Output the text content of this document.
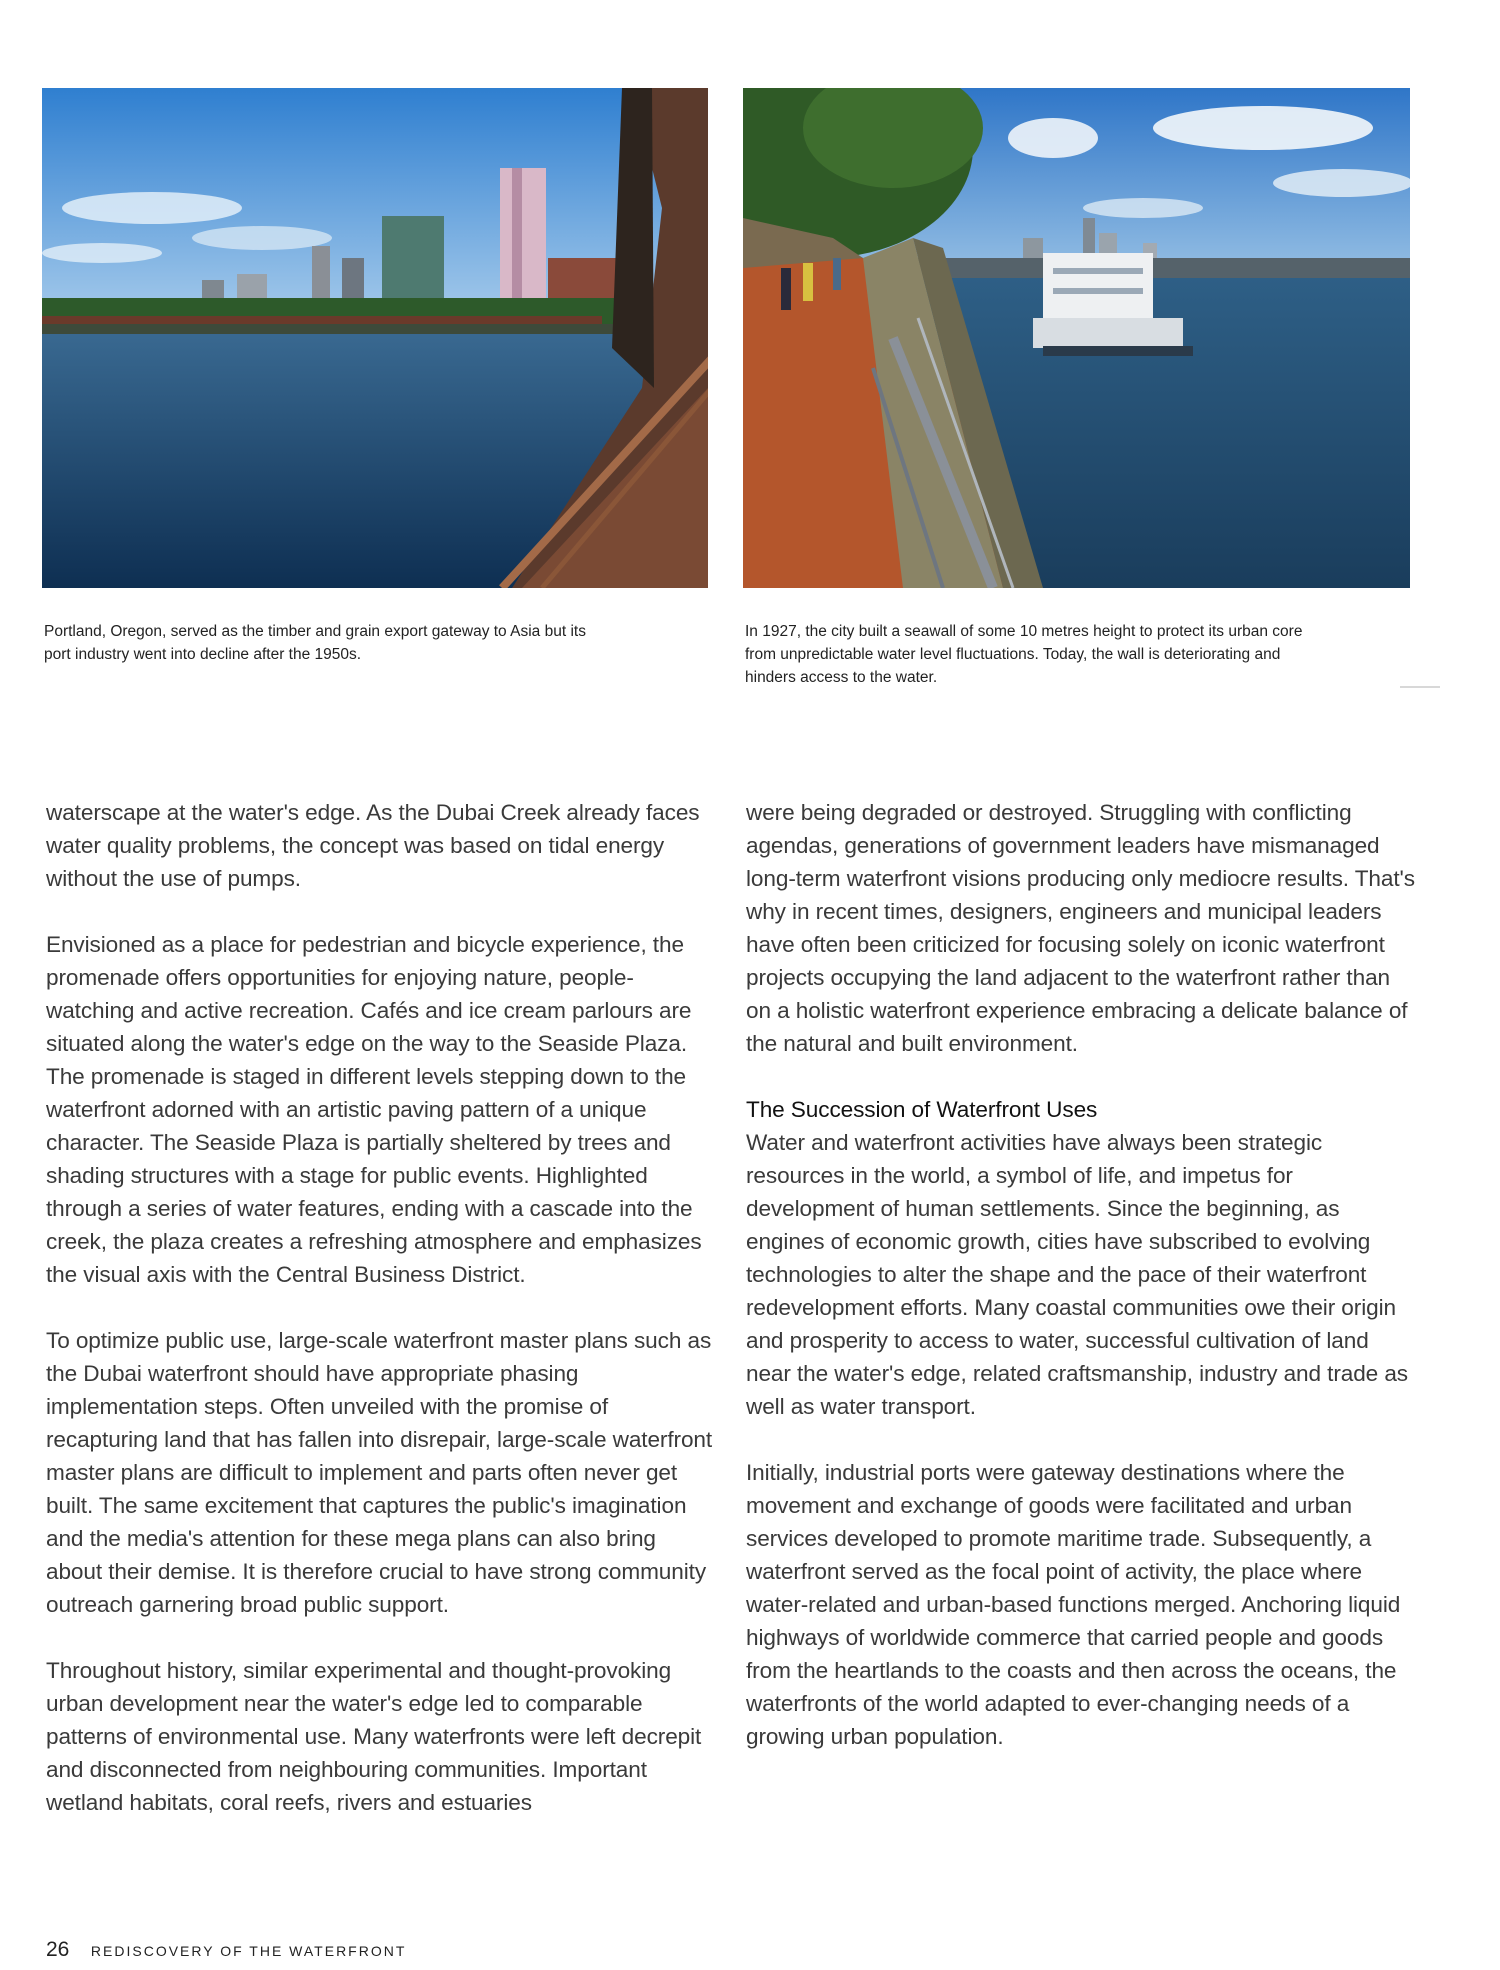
Portland, Oregon, served as the timber and grain export gateway to Asia but its port industry went into decline after the 1950s.

In 1927, the city built a seawall of some 10 metres height to protect its urban core from unpredictable water level fluctuations. Today, the wall is deteriorating and hinders access to the water.

waterscape at the water's edge. As the Dubai Creek already faces water quality problems, the concept was based on tidal energy without the use of pumps.

Envisioned as a place for pedestrian and bicycle experience, the promenade offers opportunities for enjoying nature, people-watching and active recreation. Cafés and ice cream parlours are situated along the water's edge on the way to the Seaside Plaza. The promenade is staged in different levels stepping down to the waterfront adorned with an artistic paving pattern of a unique character. The Seaside Plaza is partially sheltered by trees and shading structures with a stage for public events. Highlighted through a series of water features, ending with a cascade into the creek, the plaza creates a refreshing atmosphere and emphasizes the visual axis with the Central Business District.

To optimize public use, large-scale waterfront master plans such as the Dubai waterfront should have appropriate phasing implementation steps. Often unveiled with the promise of recapturing land that has fallen into disrepair, large-scale waterfront master plans are difficult to implement and parts often never get built. The same excitement that captures the public's imagination and the media's attention for these mega plans can also bring about their demise. It is therefore crucial to have strong community outreach garnering broad public support.

Throughout history, similar experimental and thought-provoking urban development near the water's edge led to comparable patterns of environmental use. Many waterfronts were left decrepit and disconnected from neighbouring communities. Important wetland habitats, coral reefs, rivers and estuaries

were being degraded or destroyed. Struggling with conflicting agendas, generations of government leaders have mismanaged long-term waterfront visions producing only mediocre results. That's why in recent times, designers, engineers and municipal leaders have often been criticized for focusing solely on iconic waterfront projects occupying the land adjacent to the waterfront rather than on a holistic waterfront experience embracing a delicate balance of the natural and built environment.

The Succession of Waterfront Uses

Water and waterfront activities have always been strategic resources in the world, a symbol of life, and impetus for development of human settlements. Since the beginning, as engines of economic growth, cities have subscribed to evolving technologies to alter the shape and the pace of their waterfront redevelopment efforts. Many coastal communities owe their origin and prosperity to access to water, successful cultivation of land near the water's edge, related craftsmanship, industry and trade as well as water transport.

Initially, industrial ports were gateway destinations where the movement and exchange of goods were facilitated and urban services developed to promote maritime trade. Subsequently, a waterfront served as the focal point of activity, the place where water-related and urban-based functions merged. Anchoring liquid highways of worldwide commerce that carried people and goods from the heartlands to the coasts and then across the oceans, the waterfronts of the world adapted to ever-changing needs of a growing urban population.

26 REDISCOVERY OF THE WATERFRONT
